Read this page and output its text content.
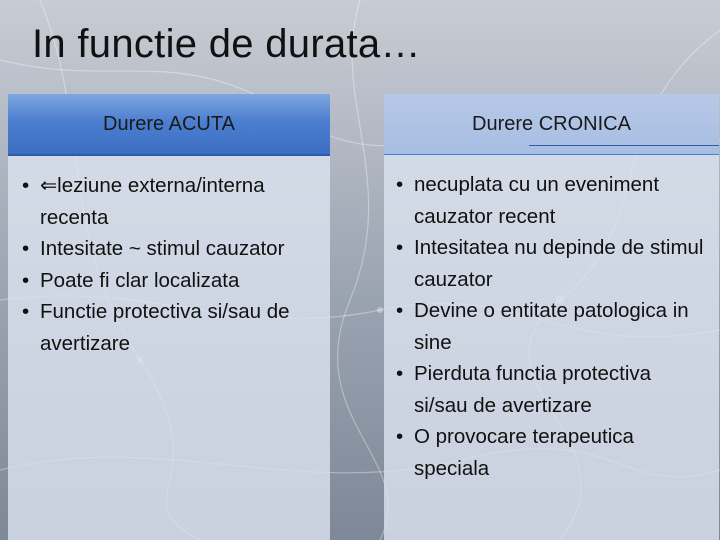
In functie de durata…
Durere ACUTA
• ⇐leziune externa/interna recenta
• Intesitate ~ stimul cauzator
• Poate fi clar localizata
• Functie protectiva si/sau de avertizare
Durere CRONICA
• necuplata cu un eveniment cauzator recent
• Intesitatea nu depinde de stimul cauzator
• Devine o entitate patologica in sine
• Pierduta functia protectiva si/sau de avertizare
• O provocare terapeutica speciala
